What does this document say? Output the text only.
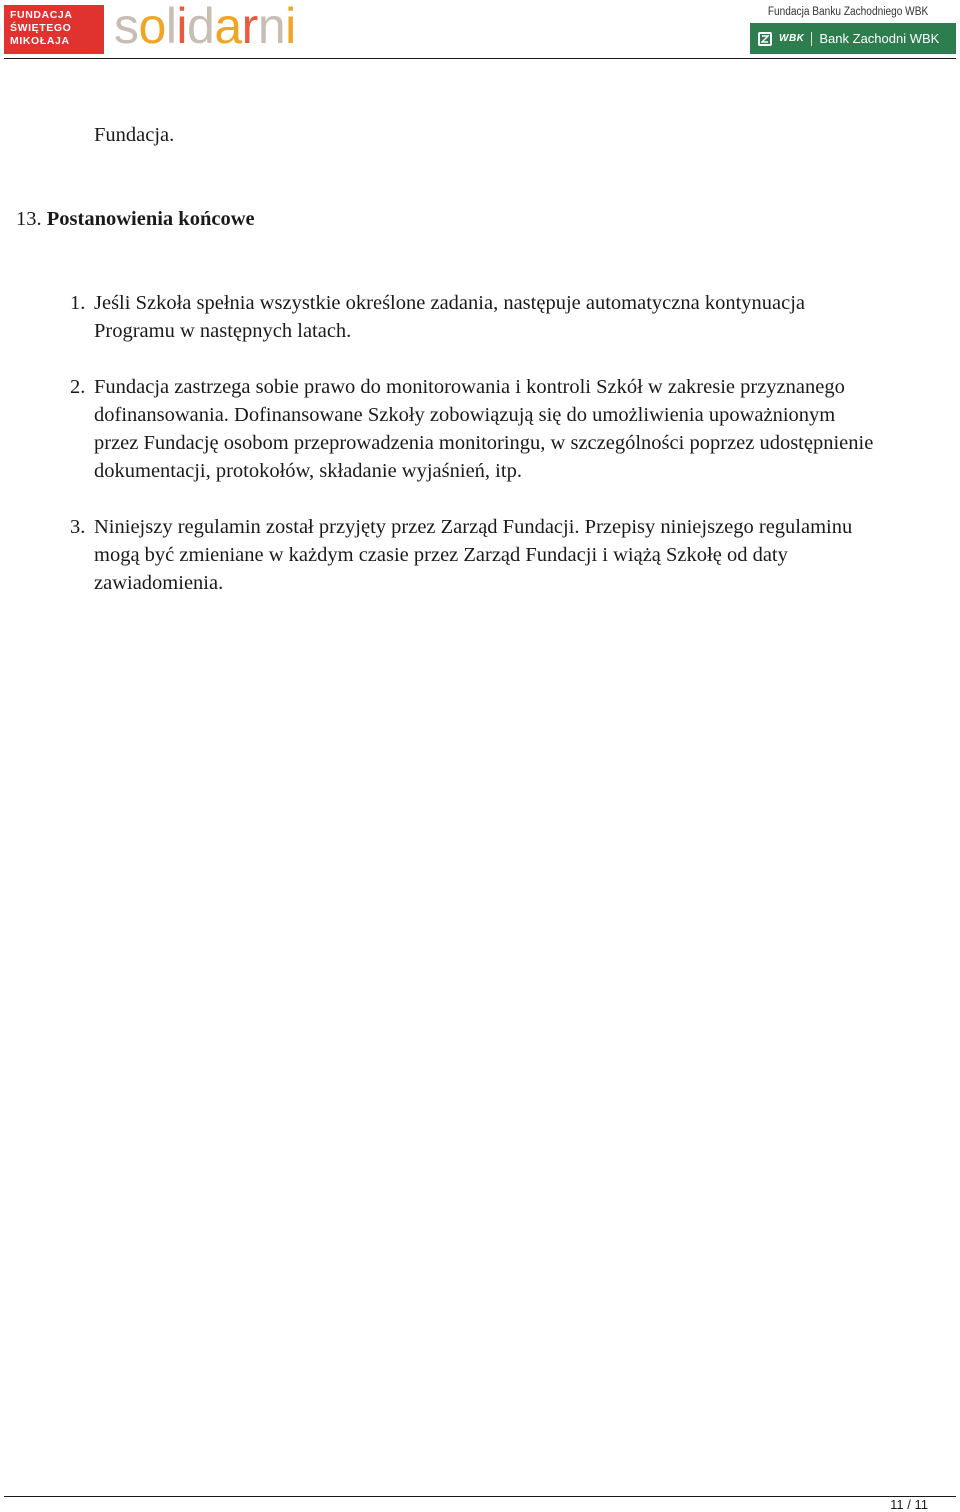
FUNDACJA
ŚWIĘTEGO
MIKOŁAJA solidarni	Fundacja Banku Zachodniego WBK
WBK Bank Zachodni WBK
Fundacja.
13. Postanowienia końcowe
1. Jeśli Szkoła spełnia wszystkie określone zadania, następuje automatyczna kontynuacja
Programu w następnych latach.

2. Fundacja zastrzega sobie prawo do monitorowania i kontroli Szkół w zakresie przyznanego
dofinansowania. Dofinansowane Szkoły zobowiązują się do umożliwienia upoważnionym
przez Fundację osobom przeprowadzenia monitoringu, w szczególności poprzez udostępnienie
dokumentacji, protokołów, składanie wyjaśnień, itp.

3. Niniejszy regulamin został przyjęty przez Zarząd Fundacji. Przepisy niniejszego regulaminu
mogą być zmieniane w każdym czasie przez Zarząd Fundacji i wiążą Szkołę od daty
zawiadomienia.

11 / 11
